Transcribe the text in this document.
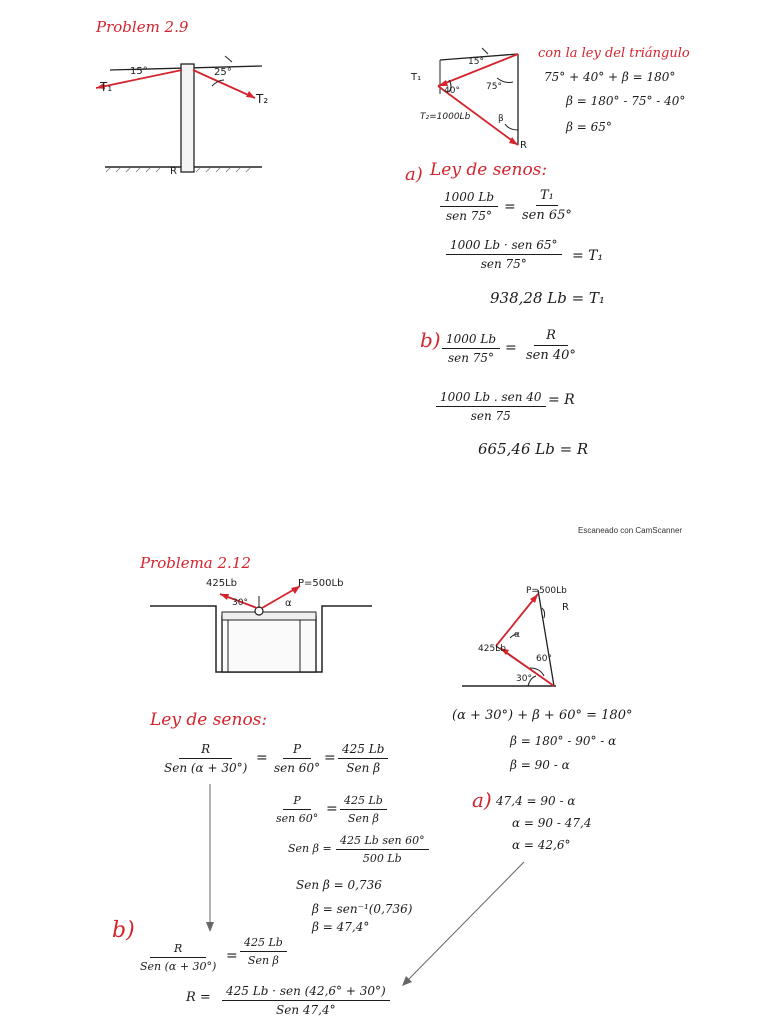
Problem 2.9
T₁
T₂
R
15°	25°
15°
T₁
40°	75°
T₂=1000Lb	β
R
con la ley del triángulo
75° + 40° + β = 180°
β = 180° - 75° - 40°
β = 65°
a) Ley de senos:
1000 Lb
sen 75°
=
T₁
sen 65°
1000 Lb · sen 65°
sen 75°	= T₁
938,28 Lb = T₁
b) 1000 Lb
sen 75°
=
R
sen 40°
1000 Lb . sen 40
sen 75
= R
665,46 Lb = R
Escaneado con CamScanner
Problema 2.12
425Lb	P=500Lb
30°	α
P=500Lb
R
α
425Lb
60°
30°
Ley de senos:
R
Sen (α + 30°)
=
P
sen 60°
=
425 Lb
Sen β
P
sen 60°
=
425 Lb
Sen β
Sen β =
425 Lb sen 60°
500 Lb
Sen β = 0,736
β = sen⁻¹(0,736)
β = 47,4°
(α + 30°) + β + 60° = 180°
β = 180° - 90° - α
β = 90 - α
a) 47,4 = 90 - α
α = 90 - 47,4
α = 42,6°
b)
R
Sen (α + 30°)
=
425 Lb
Sen β
R =	425 Lb · sen (42,6° + 30°)
Sen 47,4°
